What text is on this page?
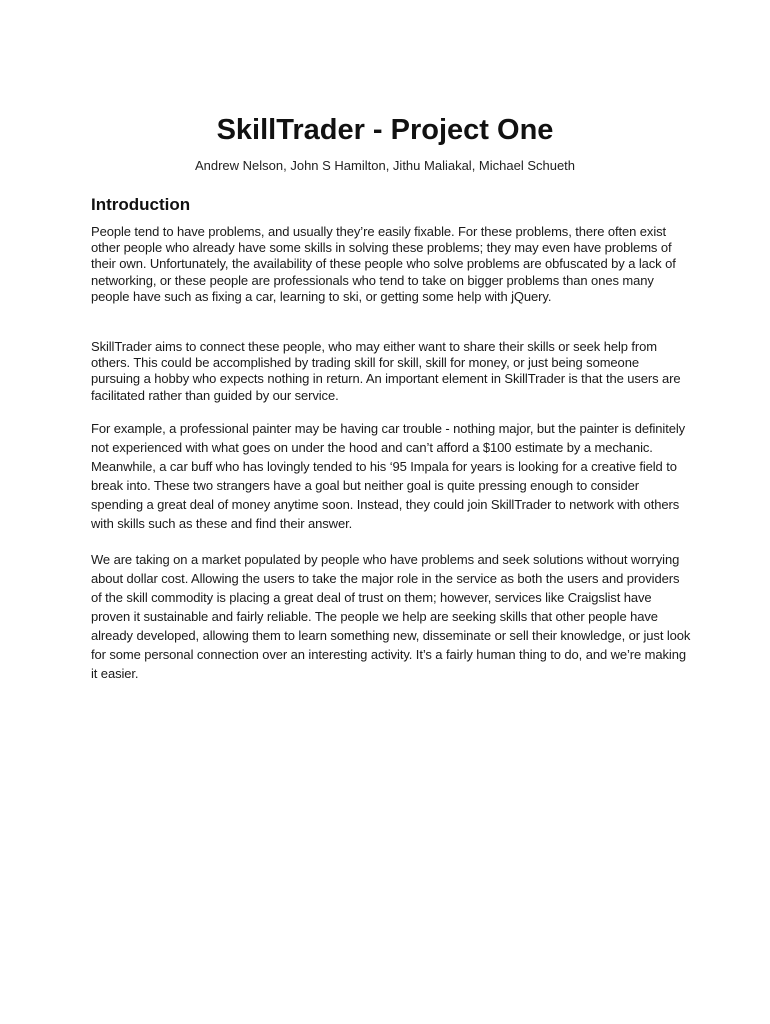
SkillTrader - Project One
Andrew Nelson, John S Hamilton, Jithu Maliakal, Michael Schueth
Introduction

People tend to have problems, and usually they’re easily fixable. For these problems, there often exist other people who already have some skills in solving these problems; they may even have problems of their own. Unfortunately, the availability of these people who solve problems are obfuscated by a lack of networking, or these people are professionals who tend to take on bigger problems than ones many people have such as fixing a car, learning to ski, or getting some help with jQuery.

SkillTrader aims to connect these people, who may either want to share their skills or seek help from others. This could be accomplished by trading skill for skill, skill for money, or just being someone pursuing a hobby who expects nothing in return. An important element in SkillTrader is that the users are facilitated rather than guided by our service.

For example, a professional painter may be having car trouble - nothing major, but the painter is definitely not experienced with what goes on under the hood and can’t afford a $100 estimate by a mechanic. Meanwhile, a car buff who has lovingly tended to his ‘95 Impala for years is looking for a creative field to break into. These two strangers have a goal but neither goal is quite pressing enough to consider spending a great deal of money anytime soon. Instead, they could join SkillTrader to network with others with skills such as these and find their answer.

We are taking on a market populated by people who have problems and seek solutions without worrying about dollar cost. Allowing the users to take the major role in the service as both the users and providers of the skill commodity is placing a great deal of trust on them; however, services like Craigslist have proven it sustainable and fairly reliable. The people we help are seeking skills that other people have already developed, allowing them to learn something new, disseminate or sell their knowledge, or just look for some personal connection over an interesting activity. It’s a fairly human thing to do, and we’re making it easier.
